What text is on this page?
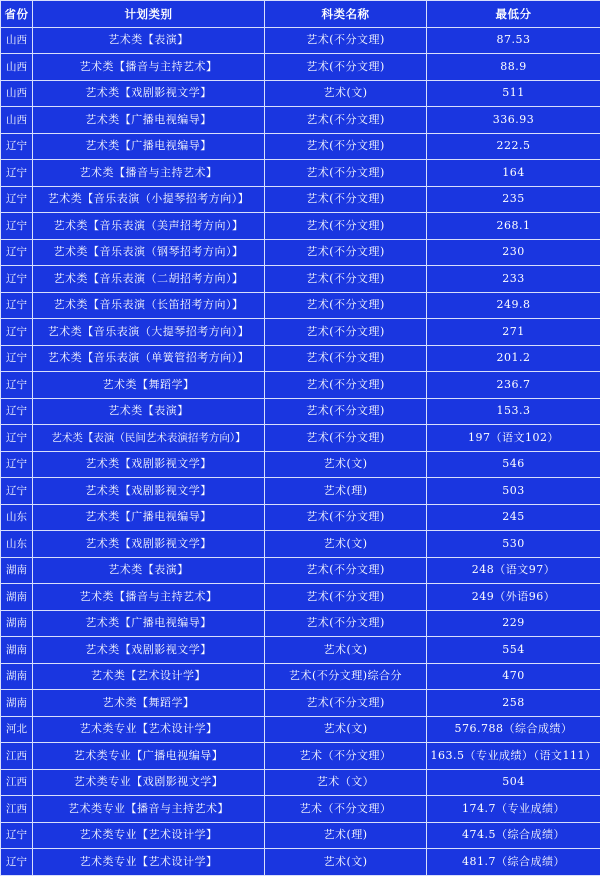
省份	计划类别	科类名称	最低分
山西	艺术类【表演】	艺术(不分文理)	87.53
山西	艺术类【播音与主持艺术】	艺术(不分文理)	88.9
山西	艺术类【戏剧影视文学】	艺术(文)	511
山西	艺术类【广播电视编导】	艺术(不分文理)	336.93
辽宁	艺术类【广播电视编导】	艺术(不分文理)	222.5
辽宁	艺术类【播音与主持艺术】	艺术(不分文理)	164
辽宁	艺术类【音乐表演（小提琴招考方向）】	艺术(不分文理)	235
辽宁	艺术类【音乐表演（美声招考方向）】	艺术(不分文理)	268.1
辽宁	艺术类【音乐表演（钢琴招考方向）】	艺术(不分文理)	230
辽宁	艺术类【音乐表演（二胡招考方向）】	艺术(不分文理)	233
辽宁	艺术类【音乐表演（长笛招考方向）】	艺术(不分文理)	249.8
辽宁	艺术类【音乐表演（大提琴招考方向）】	艺术(不分文理)	271
辽宁	艺术类【音乐表演（单簧管招考方向）】	艺术(不分文理)	201.2
辽宁	艺术类【舞蹈学】	艺术(不分文理)	236.7
辽宁	艺术类【表演】	艺术(不分文理)	153.3
辽宁	艺术类【表演（民间艺术表演招考方向）】	艺术(不分文理)	197（语文102）
辽宁	艺术类【戏剧影视文学】	艺术(文)	546
辽宁	艺术类【戏剧影视文学】	艺术(理)	503
山东	艺术类【广播电视编导】	艺术(不分文理)	245
山东	艺术类【戏剧影视文学】	艺术(文)	530
湖南	艺术类【表演】	艺术(不分文理)	248（语文97）
湖南	艺术类【播音与主持艺术】	艺术(不分文理)	249（外语96）
湖南	艺术类【广播电视编导】	艺术(不分文理)	229
湖南	艺术类【戏剧影视文学】	艺术(文)	554
湖南	艺术类【艺术设计学】	艺术(不分文理)综合分	470
湖南	艺术类【舞蹈学】	艺术(不分文理)	258
河北	艺术类专业【艺术设计学】	艺术(文)	576.788（综合成绩）
江西	艺术类专业【广播电视编导】	艺术（不分文理）	163.5（专业成绩）（语文111）
江西	艺术类专业【戏剧影视文学】	艺术（文）	504
江西	艺术类专业【播音与主持艺术】	艺术（不分文理）	174.7（专业成绩）
辽宁	艺术类专业【艺术设计学】	艺术(理)	474.5（综合成绩）
辽宁	艺术类专业【艺术设计学】	艺术(文)	481.7（综合成绩）
